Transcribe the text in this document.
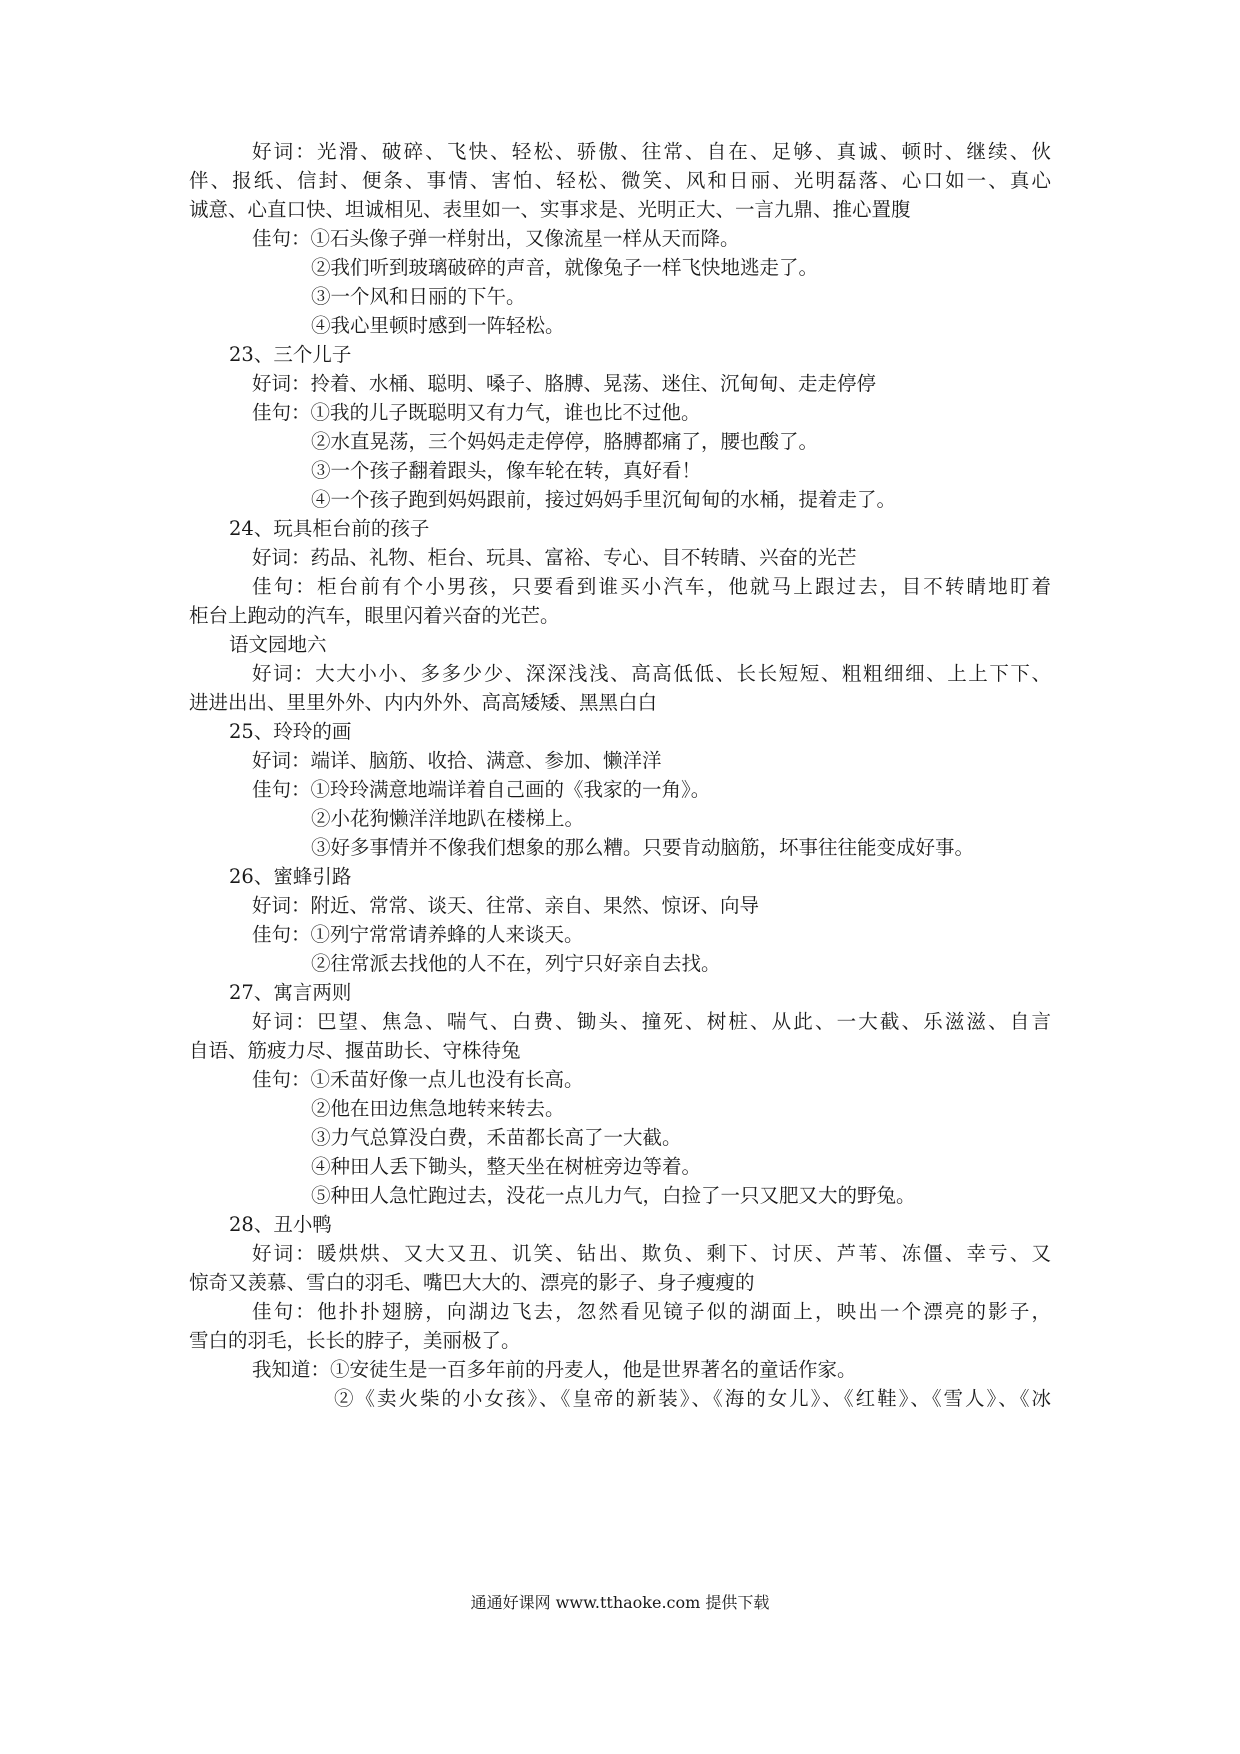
好词：光滑、破碎、飞快、轻松、骄傲、往常、自在、足够、真诚、顿时、继续、伙
伴、报纸、信封、便条、事情、害怕、轻松、微笑、风和日丽、光明磊落、心口如一、真心
诚意、心直口快、坦诚相见、表里如一、实事求是、光明正大、一言九鼎、推心置腹
佳句：①石头像子弹一样射出，又像流星一样从天而降。
②我们听到玻璃破碎的声音，就像兔子一样飞快地逃走了。
③一个风和日丽的下午。
④我心里顿时感到一阵轻松。
23、三个儿子
好词：拎着、水桶、聪明、嗓子、胳膊、晃荡、迷住、沉甸甸、走走停停
佳句：①我的儿子既聪明又有力气，谁也比不过他。
②水直晃荡，三个妈妈走走停停，胳膊都痛了，腰也酸了。
③一个孩子翻着跟头，像车轮在转，真好看！
④一个孩子跑到妈妈跟前，接过妈妈手里沉甸甸的水桶，提着走了。
24、玩具柜台前的孩子
好词：药品、礼物、柜台、玩具、富裕、专心、目不转睛、兴奋的光芒
佳句：柜台前有个小男孩，只要看到谁买小汽车，他就马上跟过去，目不转睛地盯着
柜台上跑动的汽车，眼里闪着兴奋的光芒。
语文园地六
好词：大大小小、多多少少、深深浅浅、高高低低、长长短短、粗粗细细、上上下下、
进进出出、里里外外、内内外外、高高矮矮、黑黑白白
25、玲玲的画
好词：端详、脑筋、收拾、满意、参加、懒洋洋
佳句：①玲玲满意地端详着自己画的《我家的一角》。
②小花狗懒洋洋地趴在楼梯上。
③好多事情并不像我们想象的那么糟。只要肯动脑筋，坏事往往能变成好事。
26、蜜蜂引路
好词：附近、常常、谈天、往常、亲自、果然、惊讶、向导
佳句：①列宁常常请养蜂的人来谈天。
②往常派去找他的人不在，列宁只好亲自去找。
27、寓言两则
好词：巴望、焦急、喘气、白费、锄头、撞死、树桩、从此、一大截、乐滋滋、自言
自语、筋疲力尽、揠苗助长、守株待兔
佳句：①禾苗好像一点儿也没有长高。
②他在田边焦急地转来转去。
③力气总算没白费，禾苗都长高了一大截。
④种田人丢下锄头，整天坐在树桩旁边等着。
⑤种田人急忙跑过去，没花一点儿力气，白捡了一只又肥又大的野兔。
28、丑小鸭
好词：暖烘烘、又大又丑、讥笑、钻出、欺负、剩下、讨厌、芦苇、冻僵、幸亏、又
惊奇又羡慕、雪白的羽毛、嘴巴大大的、漂亮的影子、身子瘦瘦的
佳句：他扑扑翅膀，向湖边飞去，忽然看见镜子似的湖面上，映出一个漂亮的影子，
雪白的羽毛，长长的脖子，美丽极了。
我知道：①安徒生是一百多年前的丹麦人，他是世界著名的童话作家。
②《卖火柴的小女孩》、《皇帝的新装》、《海的女儿》、《红鞋》、《雪人》、《冰
通通好课网 www.tthaoke.com 提供下载
